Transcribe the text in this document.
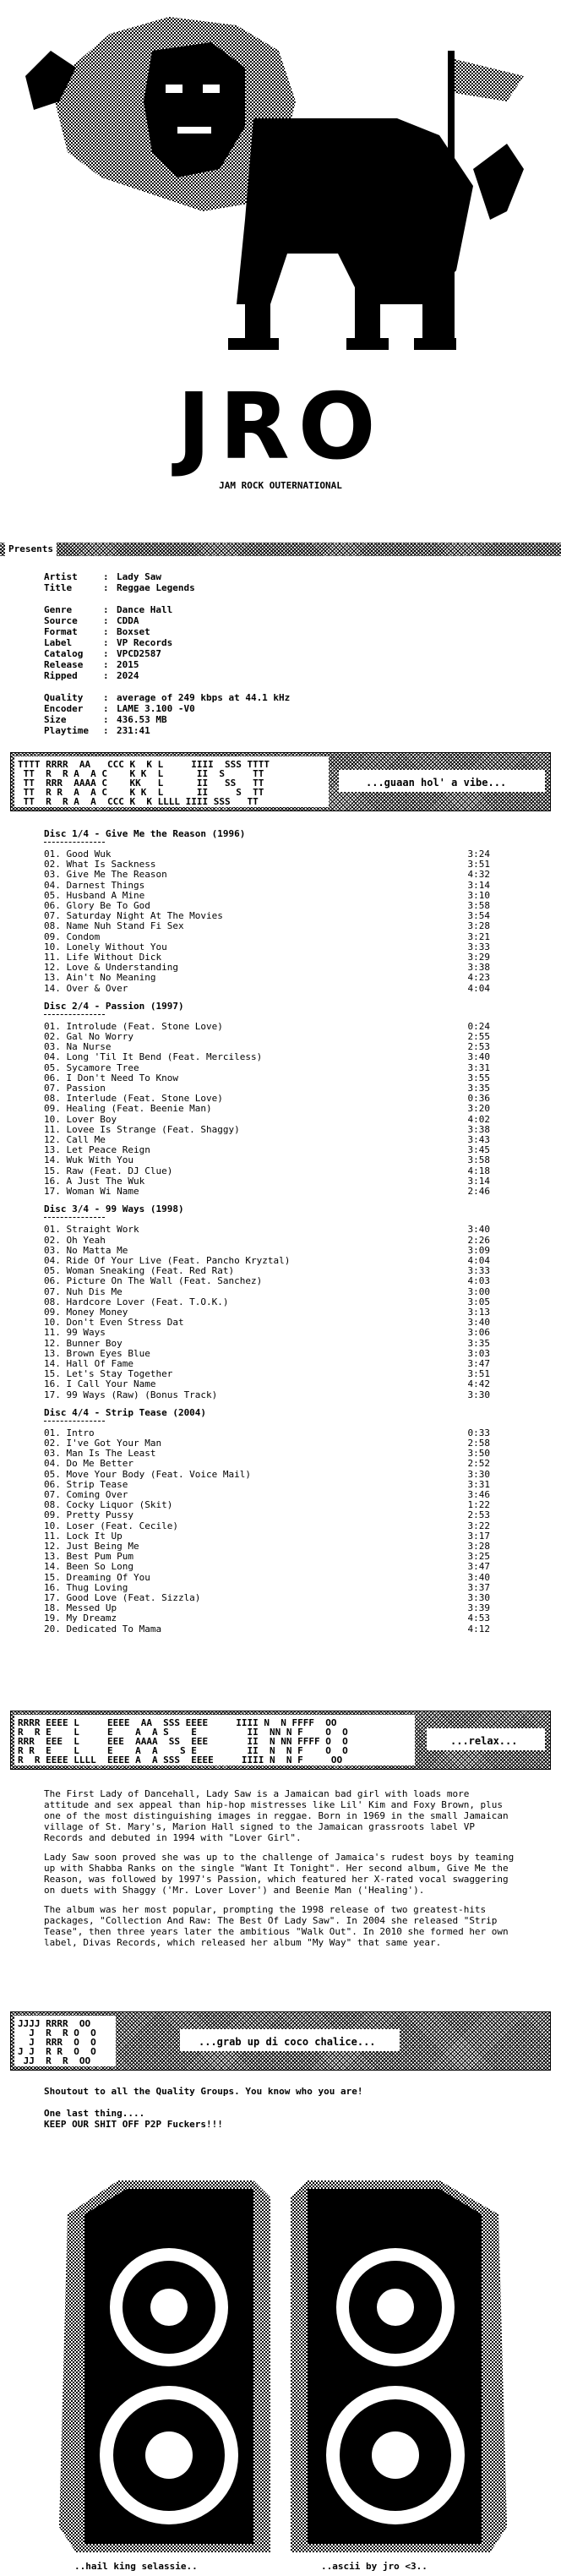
JRO
JAM ROCK OUTERNATIONAL
Presents
Artist	: Lady Saw
Title	: Reggae Legends
Genre	: Dance Hall
Source	: CDDA
Format	: Boxset
Label	: VP Records
Catalog	: VPCD2587
Release	: 2015
Ripped	: 2024
Quality	: average of 249 kbps at 44.1 kHz
Encoder	: LAME 3.100 -V0
Size	: 436.53 MB
Playtime	: 231:41
TTTT RRRR  AA   CCC K  K L     IIII  SSS TTTT
TT  R  R A  A C    K K  L      II  S     TT
TT  RRR  AAAA C    KK   L      II   SS   TT
TT  R R  A  A C    K K  L      II     S  TT
TT  R  R A  A  CCC K  K LLLL IIII SSS   TT
...guaan hol' a vibe...
Disc 1/4 - Give Me the Reason (1996)
01. Good Wuk	3:24
02. What Is Sackness	3:51
03. Give Me The Reason	4:32
04. Darnest Things	3:14
05. Husband A Mine	3:10
06. Glory Be To God	3:58
07. Saturday Night At The Movies	3:54
08. Name Nuh Stand Fi Sex	3:28
09. Condom	3:21
10. Lonely Without You	3:33
11. Life Without Dick	3:29
12. Love & Understanding	3:38
13. Ain't No Meaning	4:23
14. Over & Over	4:04
Disc 2/4 - Passion (1997)
01. Introlude (Feat. Stone Love)	0:24
02. Gal No Worry	2:55
03. Na Nurse	2:53
04. Long 'Til It Bend (Feat. Merciless)	3:40
05. Sycamore Tree	3:31
06. I Don't Need To Know	3:55
07. Passion	3:35
08. Interlude (Feat. Stone Love)	0:36
09. Healing (Feat. Beenie Man)	3:20
10. Lover Boy	4:02
11. Lovee Is Strange (Feat. Shaggy)	3:38
12. Call Me	3:43
13. Let Peace Reign	3:45
14. Wuk With You	3:58
15. Raw (Feat. DJ Clue)	4:18
16. A Just The Wuk	3:14
17. Woman Wi Name	2:46
Disc 3/4 - 99 Ways (1998)
01. Straight Work	3:40
02. Oh Yeah	2:26
03. No Matta Me	3:09
04. Ride Of Your Live (Feat. Pancho Kryztal)	4:04
05. Woman Sneaking (Feat. Red Rat)	3:33
06. Picture On The Wall (Feat. Sanchez)	4:03
07. Nuh Dis Me	3:00
08. Hardcore Lover (Feat. T.O.K.)	3:05
09. Money Money	3:13
10. Don't Even Stress Dat	3:40
11. 99 Ways	3:06
12. Bunner Boy	3:35
13. Brown Eyes Blue	3:03
14. Hall Of Fame	3:47
15. Let's Stay Together	3:51
16. I Call Your Name	4:42
17. 99 Ways (Raw) (Bonus Track)	3:30
Disc 4/4 - Strip Tease (2004)
01. Intro	0:33
02. I've Got Your Man	2:58
03. Man Is The Least	3:50
04. Do Me Better	2:52
05. Move Your Body (Feat. Voice Mail)	3:30
06. Strip Tease	3:31
07. Coming Over	3:46
08. Cocky Liquor (Skit)	1:22
09. Pretty Pussy	2:53
10. Loser (Feat. Cecile)	3:22
11. Lock It Up	3:17
12. Just Being Me	3:28
13. Best Pum Pum	3:25
14. Been So Long	3:47
15. Dreaming Of You	3:40
16. Thug Loving	3:37
17. Good Love (Feat. Sizzla)	3:30
18. Messed Up	3:39
19. My Dreamz	4:53
20. Dedicated To Mama	4:12
RRRR EEEE L     EEEE  AA  SSS EEEE     IIII N  N FFFF  OO
R  R E    L     E    A  A S    E         II  NN N F    O  O
RRR  EEE  L     EEE  AAAA  SS  EEE       II  N NN FFFF O  O
R R  E    L     E    A  A    S E         II  N  N F    O  O
R  R EEEE LLLL  EEEE A  A SSS  EEEE     IIII N  N F     OO
...relax...

The First Lady of Dancehall, Lady Saw is a Jamaican bad girl with loads more attitude and sex appeal than hip-hop mistresses like Lil' Kim and Foxy Brown, plus one of the most distinguishing images in reggae. Born in 1969 in the small Jamaican village of St. Mary's, Marion Hall signed to the Jamaican grassroots label VP Records and debuted in 1994 with "Lover Girl".

Lady Saw soon proved she was up to the challenge of Jamaica's rudest boys by teaming up with Shabba Ranks on the single "Want It Tonight". Her second album, Give Me the Reason, was followed by 1997's Passion, which featured her X-rated vocal swaggering on duets with Shaggy ('Mr. Lover Lover') and Beenie Man ('Healing').

The album was her most popular, prompting the 1998 release of two greatest-hits packages, "Collection And Raw: The Best Of Lady Saw". In 2004 she released "Strip Tease", then three years later the ambitious "Walk Out". In 2010 she formed her own label, Divas Records, which released her album "My Way" that same year.

JJJJ RRRR  OO
J  R  R O  O
J  RRR  O  O
J J  R R  O  O
JJ  R  R  OO
...grab up di coco chalice...
Shoutout to all the Quality Groups. You know who you are!
One last thing....
KEEP OUR SHIT OFF P2P Fuckers!!!
..hail king selassie..	..ascii by jro <3..
